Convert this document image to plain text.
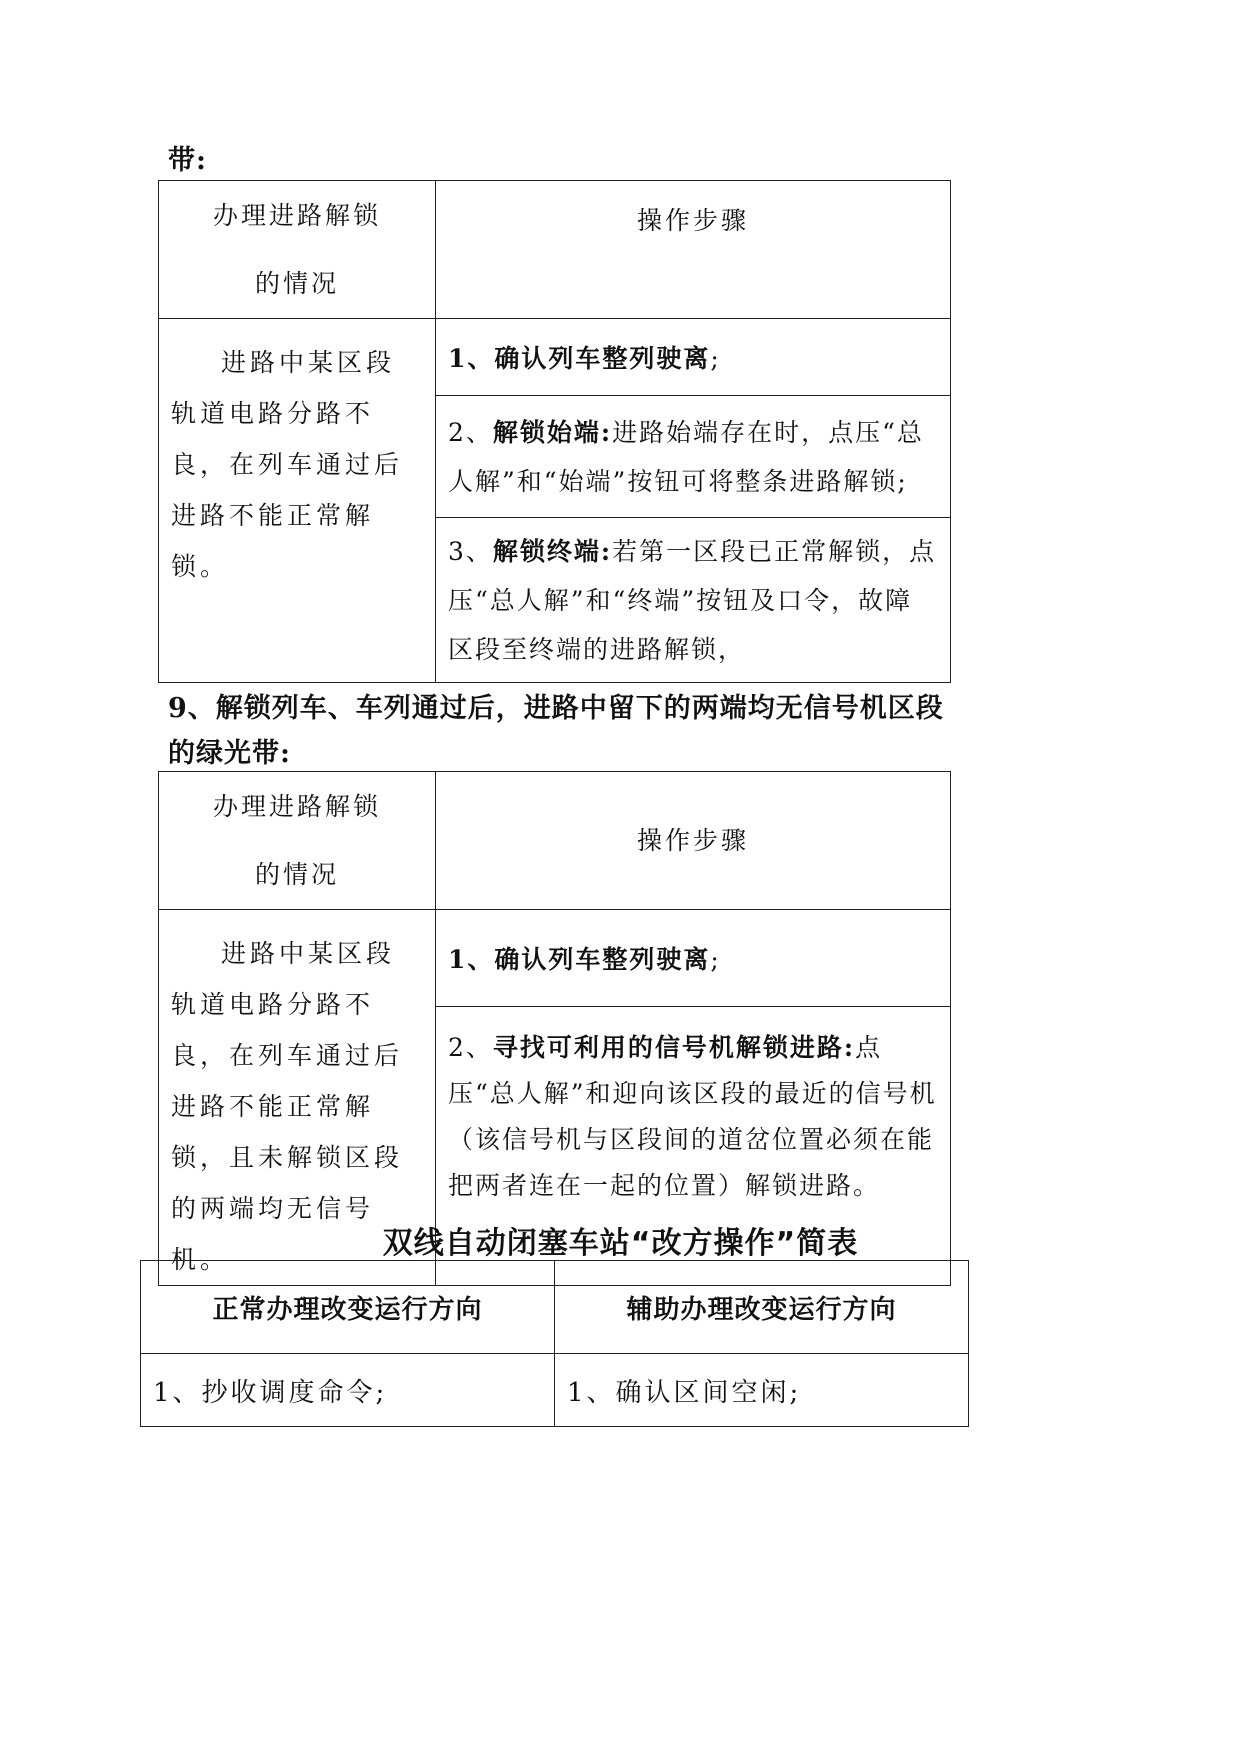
带:
办理进路解锁
的情况	操作步骤

进路中某区段轨道电路分路不良，在列车通过后进路不能正常解锁。	1、确认列车整列驶离;

	2、解锁始端:进路始端存在时，点压“总人解”和“始端”按钮可将整条进路解锁;

	3、解锁终端:若第一区段已正常解锁，点压“总人解”和“终端”按钮及口令，故障区段至终端的进路解锁，
9、解锁列车、车列通过后，进路中留下的两端均无信号机区段的绿光带:
办理进路解锁
的情况	操作步骤

进路中某区段轨道电路分路不良，在列车通过后进路不能正常解锁，且未解锁区段的两端均无信号机。	1、确认列车整列驶离;

	2、寻找可利用的信号机解锁进路:点压“总人解”和迎向该区段的最近的信号机（该信号机与区段间的道岔位置必须在能把两者连在一起的位置）解锁进路。
双线自动闭塞车站“改方操作”简表
正常办理改变运行方向	辅助办理改变运行方向
1、抄收调度命令;	1、确认区间空闲;
